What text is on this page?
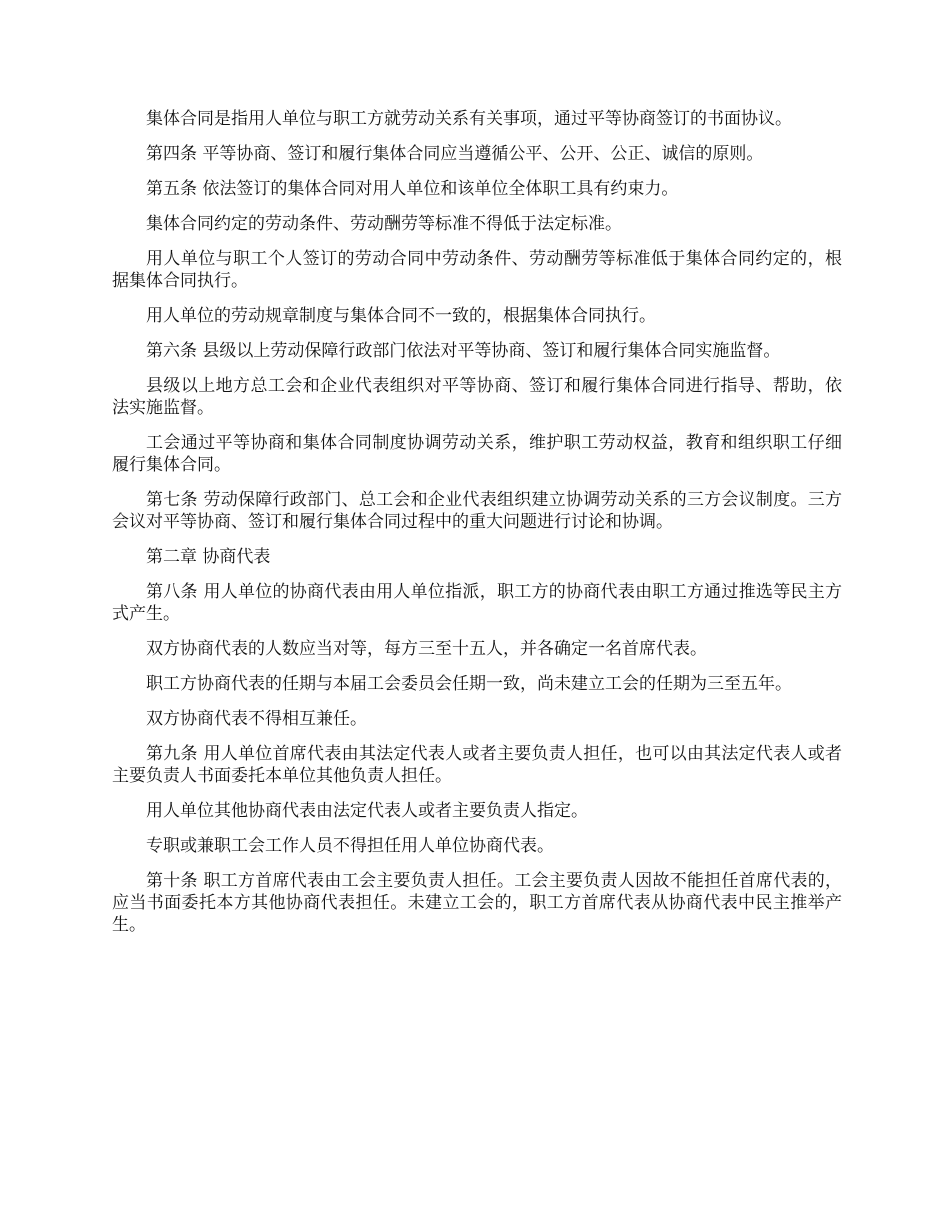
集体合同是指用人单位与职工方就劳动关系有关事项，通过平等协商签订的书面协议。

第四条 平等协商、签订和履行集体合同应当遵循公平、公开、公正、诚信的原则。

第五条 依法签订的集体合同对用人单位和该单位全体职工具有约束力。

集体合同约定的劳动条件、劳动酬劳等标准不得低于法定标准。

用人单位与职工个人签订的劳动合同中劳动条件、劳动酬劳等标准低于集体合同约定的，根据集体合同执行。

用人单位的劳动规章制度与集体合同不一致的，根据集体合同执行。

第六条 县级以上劳动保障行政部门依法对平等协商、签订和履行集体合同实施监督。

县级以上地方总工会和企业代表组织对平等协商、签订和履行集体合同进行指导、帮助，依法实施监督。

工会通过平等协商和集体合同制度协调劳动关系，维护职工劳动权益，教育和组织职工仔细履行集体合同。

第七条 劳动保障行政部门、总工会和企业代表组织建立协调劳动关系的三方会议制度。三方会议对平等协商、签订和履行集体合同过程中的重大问题进行讨论和协调。

第二章 协商代表

第八条 用人单位的协商代表由用人单位指派，职工方的协商代表由职工方通过推选等民主方式产生。

双方协商代表的人数应当对等，每方三至十五人，并各确定一名首席代表。

职工方协商代表的任期与本届工会委员会任期一致，尚未建立工会的任期为三至五年。

双方协商代表不得相互兼任。

第九条 用人单位首席代表由其法定代表人或者主要负责人担任，也可以由其法定代表人或者主要负责人书面委托本单位其他负责人担任。

用人单位其他协商代表由法定代表人或者主要负责人指定。

专职或兼职工会工作人员不得担任用人单位协商代表。

第十条 职工方首席代表由工会主要负责人担任。工会主要负责人因故不能担任首席代表的，应当书面委托本方其他协商代表担任。未建立工会的，职工方首席代表从协商代表中民主推举产生。
